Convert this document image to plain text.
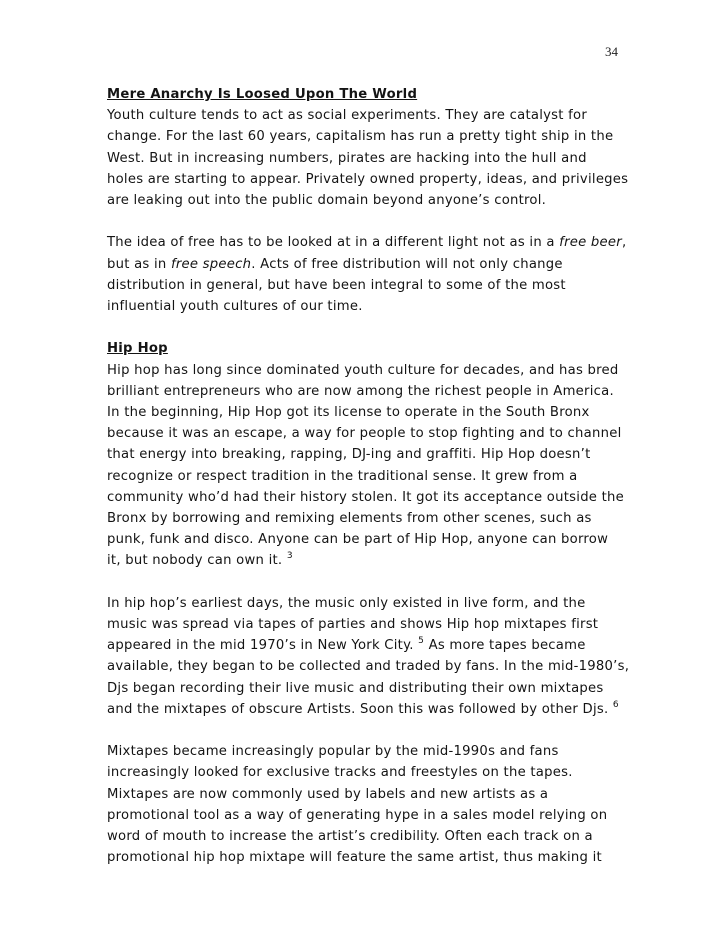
34
Mere Anarchy Is Loosed Upon The World
Youth culture tends to act as social experiments. They are catalyst for
change. For the last 60 years, capitalism has run a pretty tight ship in the
West. But in increasing numbers, pirates are hacking into the hull and
holes are starting to appear. Privately owned property, ideas, and privileges
are leaking out into the public domain beyond anyone’s control.
The idea of free has to be looked at in a different light not as in a free beer,
but as in free speech. Acts of free distribution will not only change
distribution in general, but have been integral to some of the most
influential youth cultures of our time.
Hip Hop
Hip hop has long since dominated youth culture for decades, and has bred
brilliant entrepreneurs who are now among the richest people in America.
In the beginning, Hip Hop got its license to operate in the South Bronx
because it was an escape, a way for people to stop fighting and to channel
that energy into breaking, rapping, DJ-ing and graffiti. Hip Hop doesn’t
recognize or respect tradition in the traditional sense. It grew from a
community who’d had their history stolen. It got its acceptance outside the
Bronx by borrowing and remixing elements from other scenes, such as
punk, funk and disco. Anyone can be part of Hip Hop, anyone can borrow
it, but nobody can own it. $^3$
In hip hop’s earliest days, the music only existed in live form, and the
music was spread via tapes of parties and shows Hip hop mixtapes first
appeared in the mid 1970’s in New York City. $^5$ As more tapes became
available, they began to be collected and traded by fans. In the mid-1980’s,
Djs began recording their live music and distributing their own mixtapes
and the mixtapes of obscure Artists. Soon this was followed by other Djs. $^6$
Mixtapes became increasingly popular by the mid-1990s and fans
increasingly looked for exclusive tracks and freestyles on the tapes.
Mixtapes are now commonly used by labels and new artists as a
promotional tool as a way of generating hype in a sales model relying on
word of mouth to increase the artist’s credibility. Often each track on a
promotional hip hop mixtape will feature the same artist, thus making it
